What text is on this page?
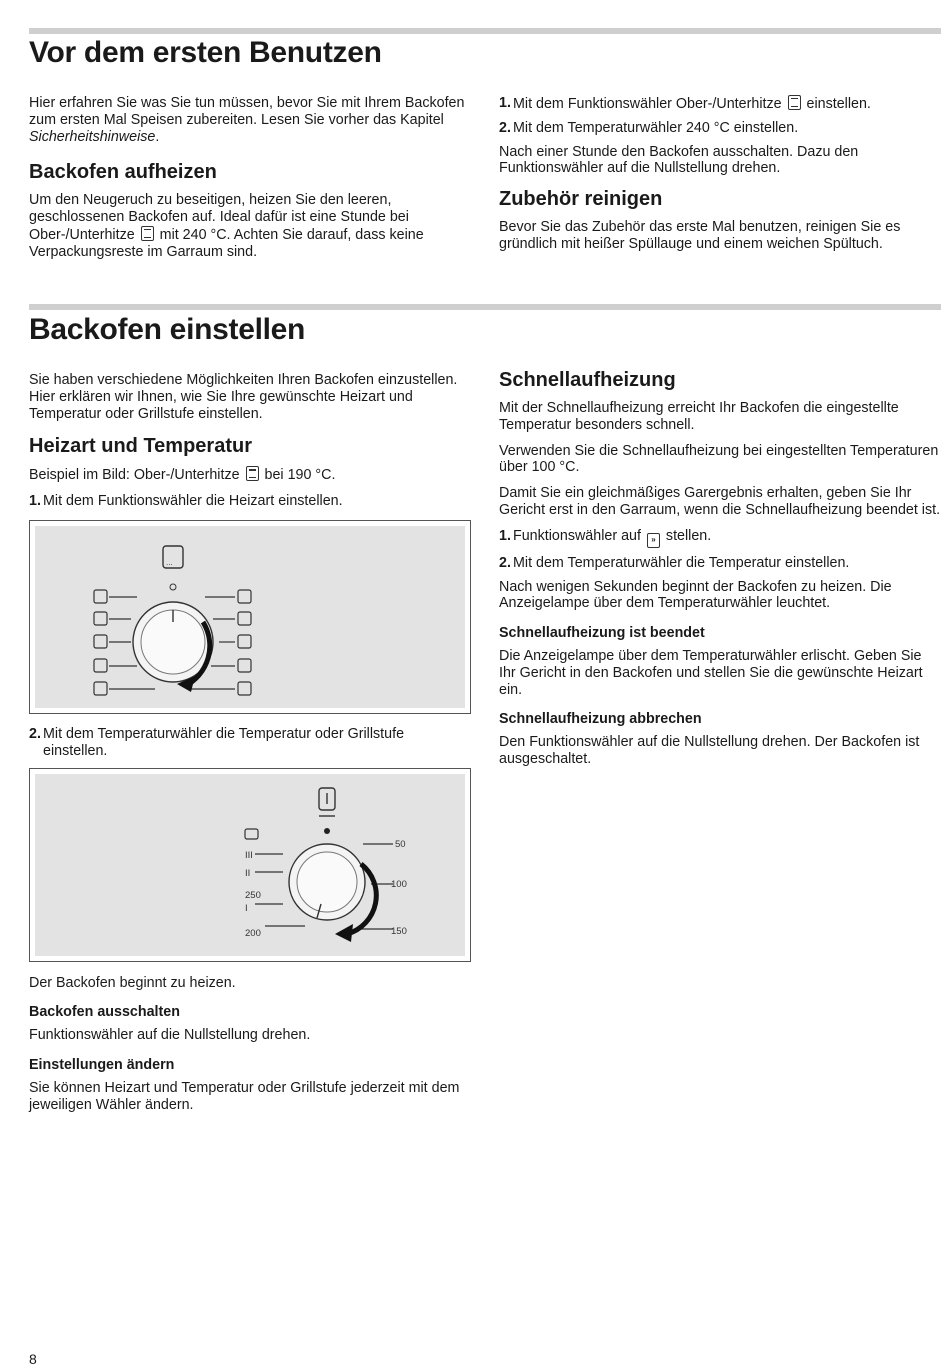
Vor dem ersten Benutzen

Hier erfahren Sie was Sie tun müssen, bevor Sie mit Ihrem Backofen zum ersten Mal Speisen zubereiten. Lesen Sie vorher das Kapitel Sicherheitshinweise.

Backofen aufheizen

Um den Neugeruch zu beseitigen, heizen Sie den leeren, geschlossenen Backofen auf. Ideal dafür ist eine Stunde bei Ober-/Unterhitze mit 240 °C. Achten Sie darauf, dass keine Verpackungsreste im Garraum sind.

1. Mit dem Funktionswähler Ober-/Unterhitze einstellen.
2. Mit dem Temperaturwähler 240 °C einstellen.

Nach einer Stunde den Backofen ausschalten. Dazu den Funktionswähler auf die Nullstellung drehen.

Zubehör reinigen

Bevor Sie das Zubehör das erste Mal benutzen, reinigen Sie es gründlich mit heißer Spüllauge und einem weichen Spültuch.

Backofen einstellen

Sie haben verschiedene Möglichkeiten Ihren Backofen einzustellen. Hier erklären wir Ihnen, wie Sie Ihre gewünschte Heizart und Temperatur oder Grillstufe einstellen.

Heizart und Temperatur

Beispiel im Bild: Ober-/Unterhitze bei 190 °C.

1. Mit dem Funktionswähler die Heizart einstellen.
...
2. Mit dem Temperaturwähler die Temperatur oder Grillstufe einstellen.
III
II
250
I
200
50
100
150

Der Backofen beginnt zu heizen.

Backofen ausschalten

Funktionswähler auf die Nullstellung drehen.

Einstellungen ändern

Sie können Heizart und Temperatur oder Grillstufe jederzeit mit dem jeweiligen Wähler ändern.

Schnellaufheizung

Mit der Schnellaufheizung erreicht Ihr Backofen die eingestellte Temperatur besonders schnell.

Verwenden Sie die Schnellaufheizung bei eingestellten Temperaturen über 100 °C.

Damit Sie ein gleichmäßiges Garergebnis erhalten, geben Sie Ihr Gericht erst in den Garraum, wenn die Schnellaufheizung beendet ist.

1. Funktionswähler auf » stellen.
2. Mit dem Temperaturwähler die Temperatur einstellen.

Nach wenigen Sekunden beginnt der Backofen zu heizen. Die Anzeigelampe über dem Temperaturwähler leuchtet.

Schnellaufheizung ist beendet

Die Anzeigelampe über dem Temperaturwähler erlischt. Geben Sie Ihr Gericht in den Backofen und stellen Sie die gewünschte Heizart ein.

Schnellaufheizung abbrechen

Den Funktionswähler auf die Nullstellung drehen. Der Backofen ist ausgeschaltet.

8
